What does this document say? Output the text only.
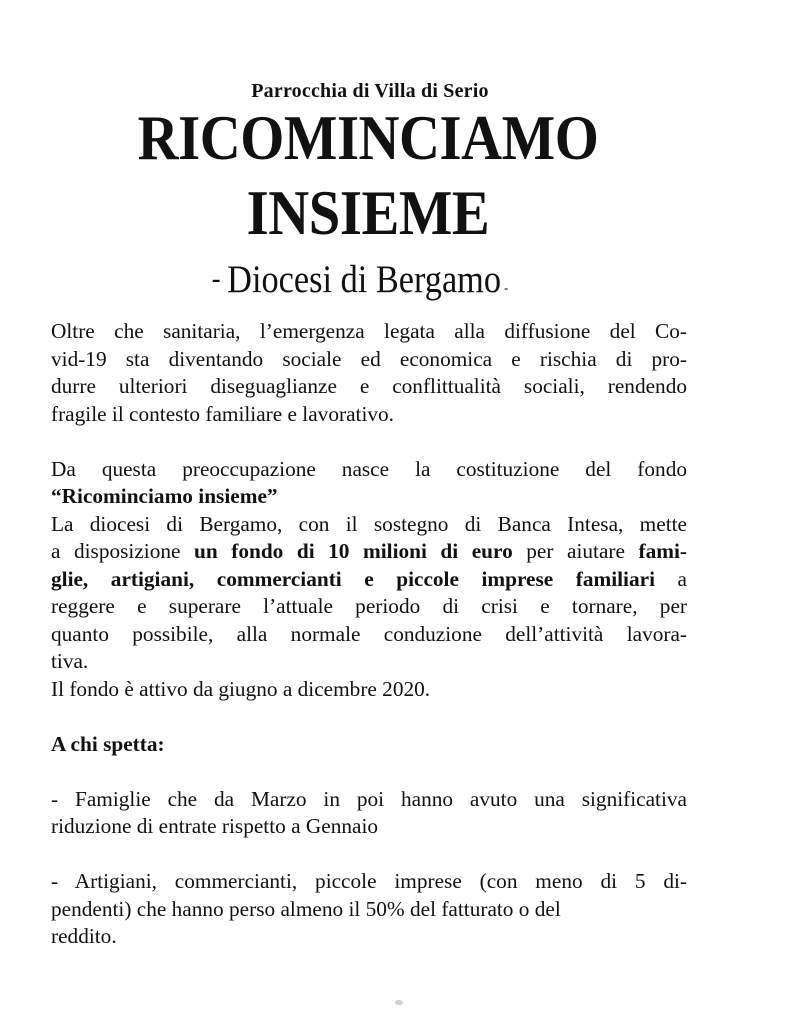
Parrocchia di Villa di Serio
RICOMINCIAMO
INSIEME
- Diocesi di Bergamo -

Oltre che sanitaria, l’emergenza legata alla diffusione del Co-
vid-19 sta diventando sociale ed economica e rischia di pro-
durre ulteriori diseguaglianze e conflittualità sociali, rendendo
fragile il contesto familiare e lavorativo.

Da questa preoccupazione nasce la costituzione del fondo
“Ricominciamo insieme”
La diocesi di Bergamo, con il sostegno di Banca Intesa, mette
a disposizione un fondo di 10 milioni di euro per aiutare fami-
glie, artigiani, commercianti e piccole imprese familiari a
reggere e superare l’attuale periodo di crisi e tornare, per
quanto possibile, alla normale conduzione dell’attività lavora-
tiva.
Il fondo è attivo da giugno a dicembre 2020.

A chi spetta:

- Famiglie che da Marzo in poi hanno avuto una significativa
riduzione di entrate rispetto a Gennaio

- Artigiani, commercianti, piccole imprese (con meno di 5 di-
pendenti) che hanno perso almeno il 50% del fatturato o del
reddito.
